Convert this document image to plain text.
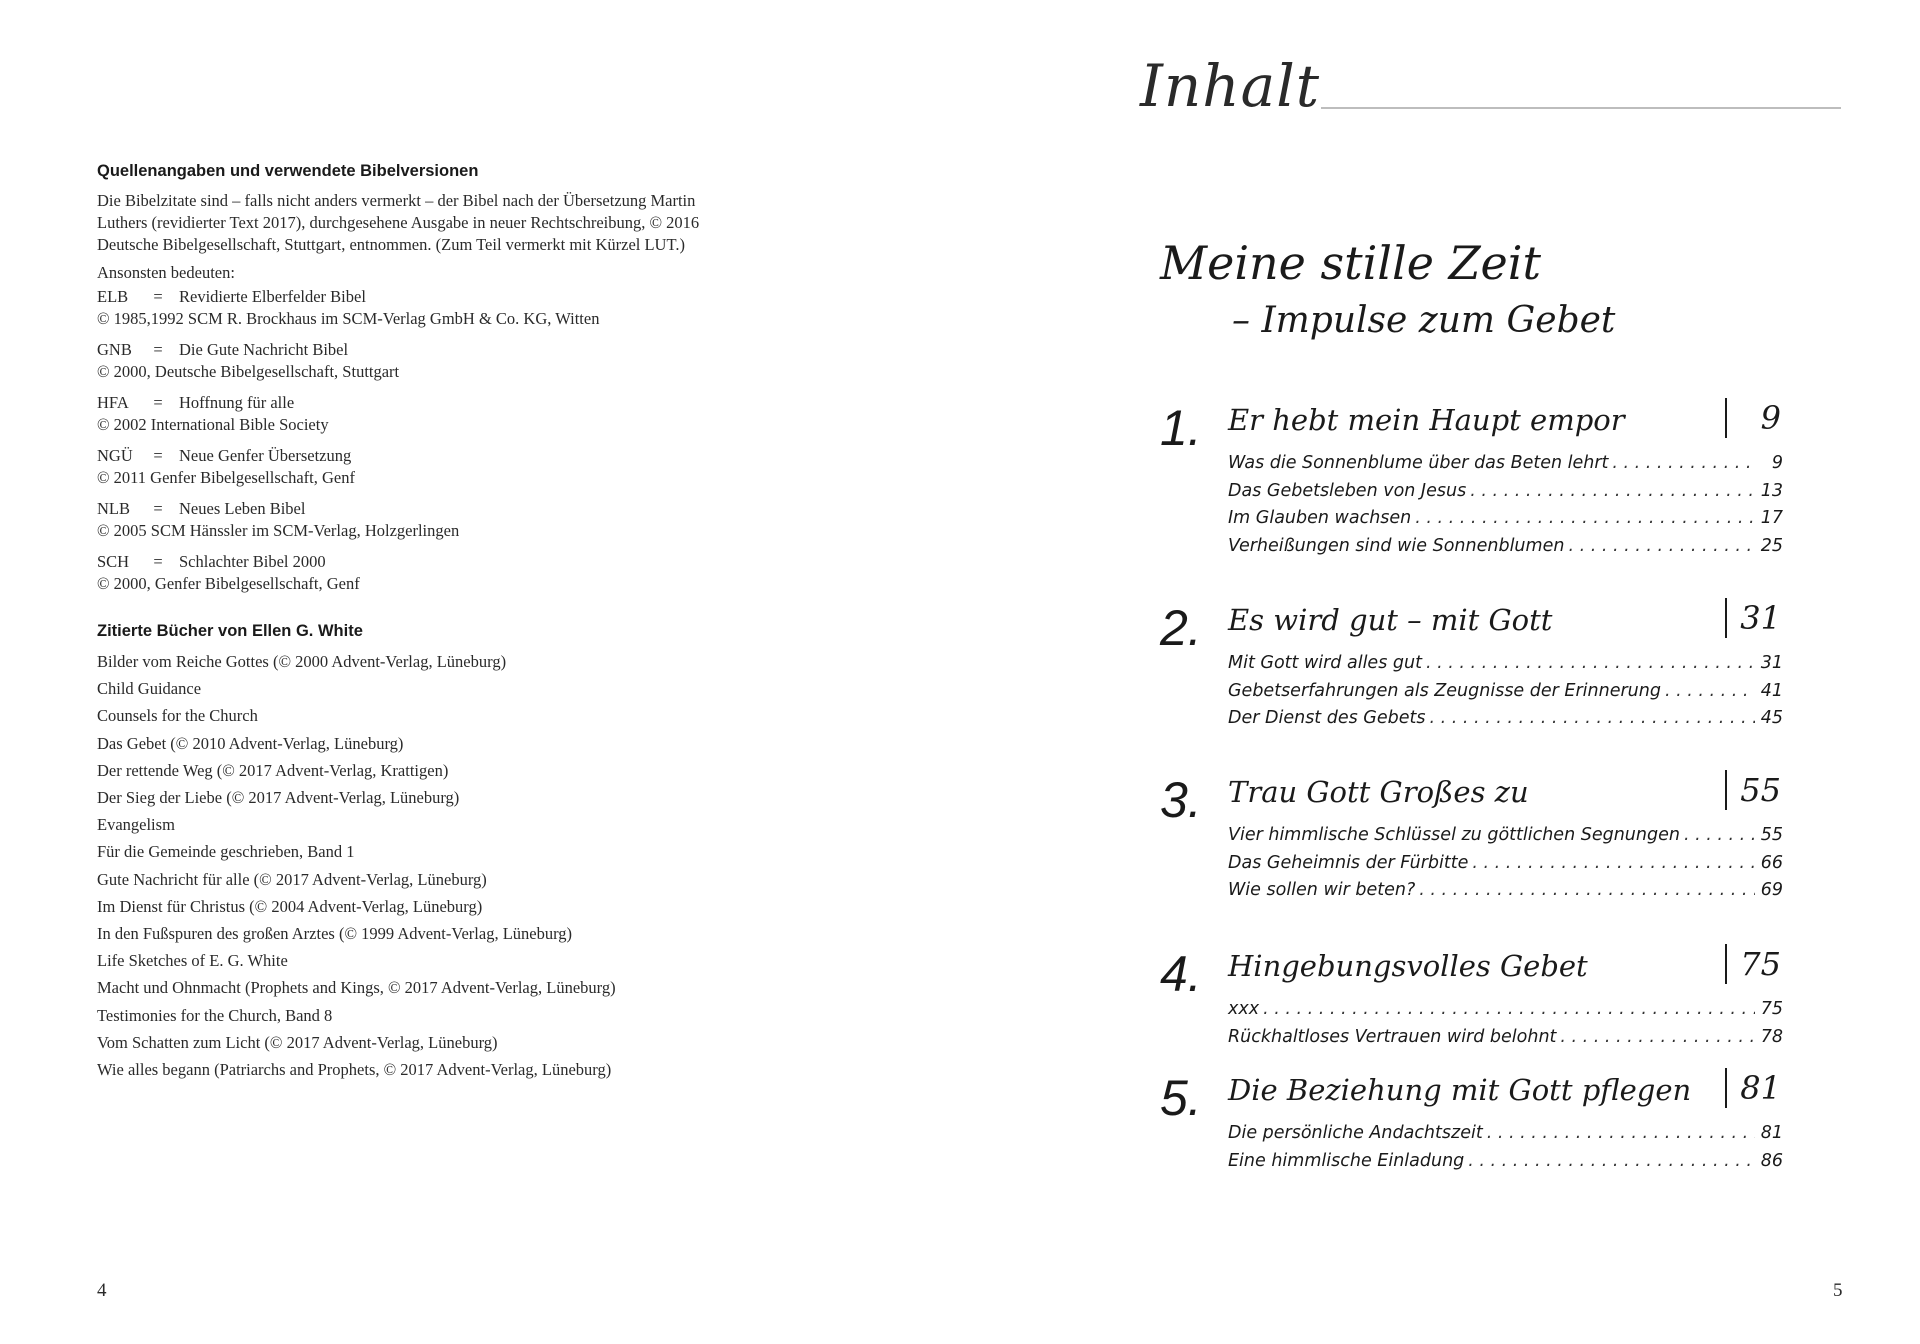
Quellenangaben und verwendete Bibelversionen
Die Bibelzitate sind – falls nicht anders vermerkt – der Bibel nach der Übersetzung Martin
Luthers (revidierter Text 2017), durchgesehene Ausgabe in neuer Rechtschreibung, © 2016
Deutsche Bibelgesellschaft, Stuttgart, entnommen. (Zum Teil vermerkt mit Kürzel LUT.)
Ansonsten bedeuten:
ELB	= Revidierte Elberfelder Bibel
© 1985,1992 SCM R. Brockhaus im SCM-Verlag GmbH & Co. KG, Witten
GNB	= Die Gute Nachricht Bibel
© 2000, Deutsche Bibelgesellschaft, Stuttgart
HFA	= Hoffnung für alle
© 2002 International Bible Society
NGÜ	= Neue Genfer Übersetzung
© 2011 Genfer Bibelgesellschaft, Genf
NLB	= Neues Leben Bibel
© 2005 SCM Hänssler im SCM-Verlag, Holzgerlingen
SCH	= Schlachter Bibel 2000
© 2000, Genfer Bibelgesellschaft, Genf
Zitierte Bücher von Ellen G. White
Bilder vom Reiche Gottes (© 2000 Advent-Verlag, Lüneburg)
Child Guidance
Counsels for the Church
Das Gebet (© 2010 Advent-Verlag, Lüneburg)
Der rettende Weg (© 2017 Advent-Verlag, Krattigen)
Der Sieg der Liebe (© 2017 Advent-Verlag, Lüneburg)
Evangelism
Für die Gemeinde geschrieben, Band 1
Gute Nachricht für alle (© 2017 Advent-Verlag, Lüneburg)
Im Dienst für Christus (© 2004 Advent-Verlag, Lüneburg)
In den Fußspuren des großen Arztes (© 1999 Advent-Verlag, Lüneburg)
Life Sketches of E. G. White
Macht und Ohnmacht (Prophets and Kings, © 2017 Advent-Verlag, Lüneburg)
Testimonies for the Church, Band 8
Vom Schatten zum Licht (© 2017 Advent-Verlag, Lüneburg)
Wie alles begann (Patriarchs and Prophets, © 2017 Advent-Verlag, Lüneburg)
4
Inhalt
Meine stille Zeit
– Impulse zum Gebet
1. Er hebt mein Haupt empor	9
Was die Sonnenblume über das Beten lehrt . . .	9
Das Gebetsleben von Jesus . . .	13
Im Glauben wachsen . . .	17
Verheißungen sind wie Sonnenblumen . . .	25
2. Es wird gut – mit Gott	31
Mit Gott wird alles gut . . .	31
Gebetserfahrungen als Zeugnisse der Erinnerung . . .	41
Der Dienst des Gebets . . .	45
3. Trau Gott Großes zu	55
Vier himmlische Schlüssel zu göttlichen Segnungen . . .	55
Das Geheimnis der Fürbitte . . .	66
Wie sollen wir beten? . . .	69
4. Hingebungsvolles Gebet	75
xxx . . .	75
Rückhaltloses Vertrauen wird belohnt . . .	78
5. Die Beziehung mit Gott pflegen	81
Die persönliche Andachtszeit . . .	81
Eine himmlische Einladung . . .	86
5
